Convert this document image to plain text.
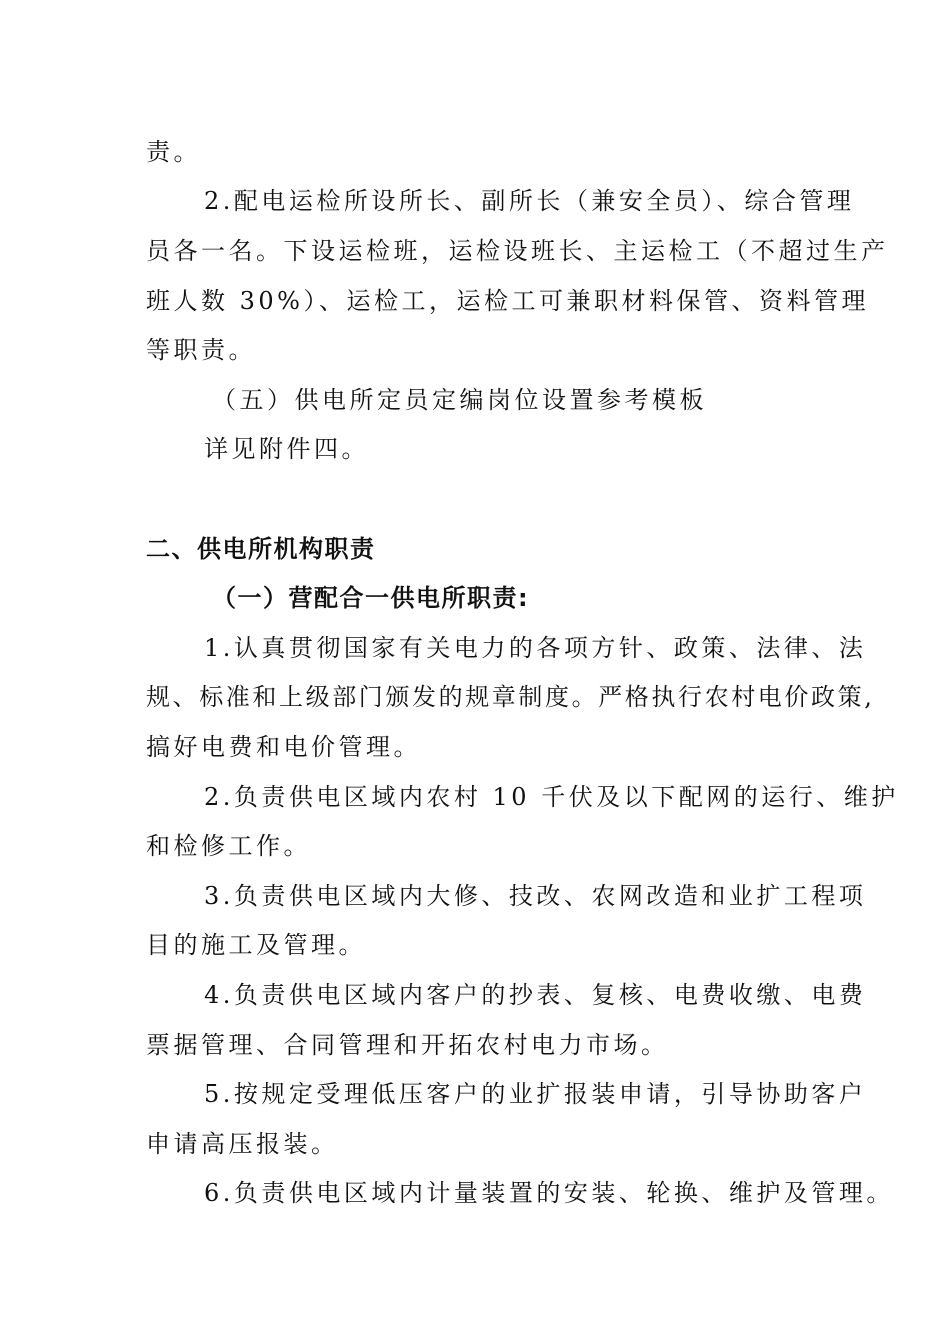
责。
2.配电运检所设所长、副所长（兼安全员）、综合管理
员各一名。下设运检班，运检设班长、主运检工（不超过生产
班人数 30%）、运检工，运检工可兼职材料保管、资料管理
等职责。
（五）供电所定员定编岗位设置参考模板
详见附件四。
二、供电所机构职责
（一）营配合一供电所职责:
1.认真贯彻国家有关电力的各项方针、政策、法律、法
规、标准和上级部门颁发的规章制度。严格执行农村电价政策,
搞好电费和电价管理。
2.负责供电区域内农村 10 千伏及以下配网的运行、维护
和检修工作。
3.负责供电区域内大修、技改、农网改造和业扩工程项
目的施工及管理。
4.负责供电区域内客户的抄表、复核、电费收缴、电费
票据管理、合同管理和开拓农村电力市场。
5.按规定受理低压客户的业扩报装申请，引导协助客户
申请高压报装。
6.负责供电区域内计量装置的安装、轮换、维护及管理。
